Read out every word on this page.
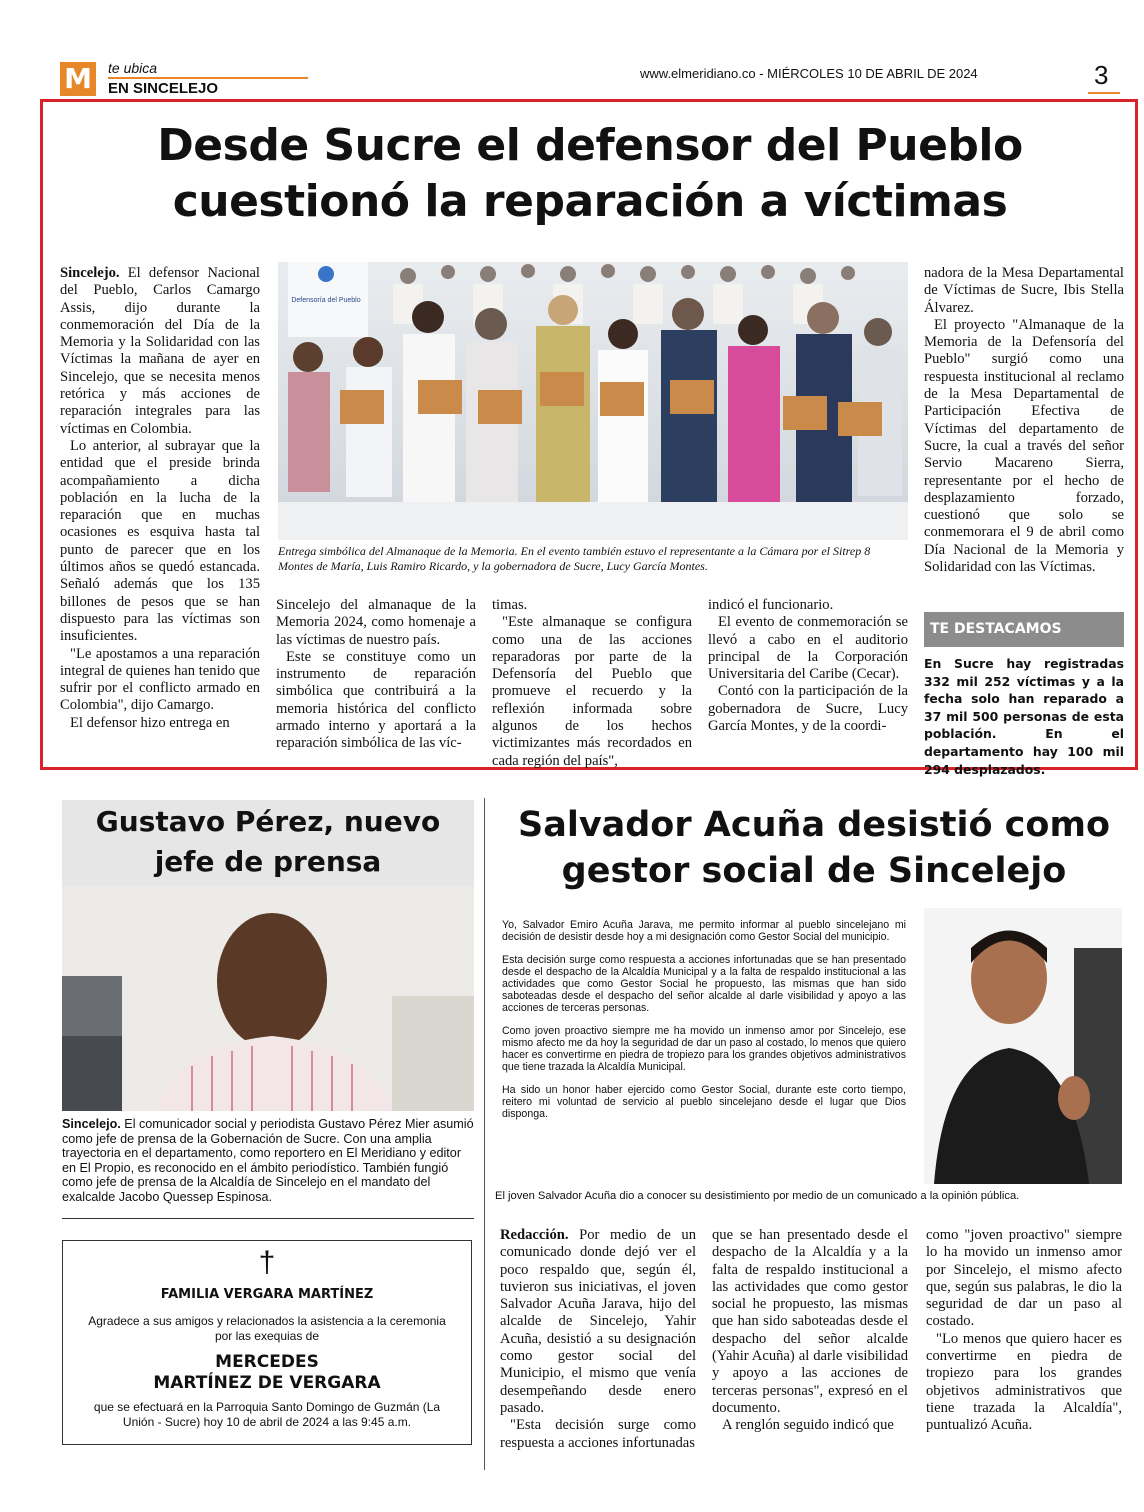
M te ubica
EN SINCELEJO
www.elmeridiano.co - MIÉRCOLES 10 DE ABRIL DE 2024	3
Desde Sucre el defensor del Pueblo cuestionó la reparación a víctimas

Sincelejo. El defensor Nacional del Pueblo, Carlos Camargo Assis, dijo durante la conmemoración del Día de la Memoria y la Solidaridad con las Víctimas la mañana de ayer en Sincelejo, que se necesita menos retórica y más acciones de reparación integrales para las víctimas en Colombia.

Lo anterior, al subrayar que la entidad que el preside brinda acompañamiento a dicha población en la lucha de la reparación que en muchas ocasiones es esquiva hasta tal punto de parecer que en los últimos años se quedó estancada. Señaló además que los 135 billones de pesos que se han dispuesto para las víctimas son insuficientes.

"Le apostamos a una reparación integral de quienes han tenido que sufrir por el conflicto armado en Colombia", dijo Camargo.

El defensor hizo entrega en

Defensoría del Pueblo
Entrega simbólica del Almanaque de la Memoria. En el evento también estuvo el representante a la Cámara por el Sitrep 8 Montes de María, Luis Ramiro Ricardo, y la gobernadora de Sucre, Lucy García Montes.

Sincelejo del almanaque de la Memoria 2024, como homenaje a las víctimas de nuestro país.

Este se constituye como un instrumento de reparación simbólica que contribuirá a la memoria histórica del conflicto armado interno y aportará a la reparación simbólica de las víc-

timas.

"Este almanaque se configura como una de las acciones reparadoras por parte de la Defensoría del Pueblo que promueve el recuerdo y la reflexión informada sobre algunos de los hechos victimizantes más recordados en cada región del país",

indicó el funcionario.

El evento de conmemoración se llevó a cabo en el auditorio principal de la Corporación Universitaria del Caribe (Cecar).

Contó con la participación de la gobernadora de Sucre, Lucy García Montes, y de la coordi-

nadora de la Mesa Departamental de Víctimas de Sucre, Ibis Stella Álvarez.

El proyecto "Almanaque de la Memoria de la Defensoría del Pueblo" surgió como una respuesta institucional al reclamo de la Mesa Departamental de Participación Efectiva de Víctimas del departamento de Sucre, la cual a través del señor Servio Macareno Sierra, representante por el hecho de desplazamiento forzado, cuestionó que solo se conmemorara el 9 de abril como Día Nacional de la Memoria y Solidaridad con las Víctimas.

TE DESTACAMOS
En Sucre hay registradas 332 mil 252 víctimas y a la fecha solo han reparado a 37 mil 500 personas de esta población. En el departamento hay 100 mil 294 desplazados.
Gustavo Pérez, nuevo jefe de prensa
Sincelejo. El comunicador social y periodista Gustavo Pérez Mier asumió como jefe de prensa de la Gobernación de Sucre. Con una amplia trayectoria en el departamento, como reportero en El Meridiano y editor en El Propio, es reconocido en el ámbito periodístico. También fungió como jefe de prensa de la Alcaldía de Sincelejo en el mandato del exalcalde Jacobo Quessep Espinosa.
†
FAMILIA VERGARA MARTÍNEZ
Agradece a sus amigos y relacionados la asistencia a la ceremonia por las exequias de
MERCEDES
MARTÍNEZ DE VERGARA
que se efectuará en la Parroquia Santo Domingo de Guzmán (La Unión - Sucre) hoy 10 de abril de 2024 a las 9:45 a.m.
Salvador Acuña desistió como gestor social de Sincelejo

Yo, Salvador Emiro Acuña Jarava, me permito informar al pueblo sincelejano mi decisión de desistir desde hoy a mi designación como Gestor Social del municipio.

Esta decisión surge como respuesta a acciones infortunadas que se han presentado desde el despacho de la Alcaldía Municipal y a la falta de respaldo institucional a las actividades que como Gestor Social he propuesto, las mismas que han sido saboteadas desde el despacho del señor alcalde al darle visibilidad y apoyo a las acciones de terceras personas.

Como joven proactivo siempre me ha movido un inmenso amor por Sincelejo, ese mismo afecto me da hoy la seguridad de dar un paso al costado, lo menos que quiero hacer es convertirme en piedra de tropiezo para los grandes objetivos administrativos que tiene trazada la Alcaldía Municipal.

Ha sido un honor haber ejercido como Gestor Social, durante este corto tiempo, reitero mi voluntad de servicio al pueblo sincelejano desde el lugar que Dios disponga.

El joven Salvador Acuña dio a conocer su desistimiento por medio de un comunicado a la opinión pública.

Redacción. Por medio de un comunicado donde dejó ver el poco respaldo que, según él, tuvieron sus iniciativas, el joven Salvador Acuña Jarava, hijo del alcalde de Sincelejo, Yahir Acuña, desistió a su designación como gestor social del Municipio, el mismo que venía desempeñando desde enero pasado.

"Esta decisión surge como respuesta a acciones infortunadas

que se han presentado desde el despacho de la Alcaldía y a la falta de respaldo institucional a las actividades que como gestor social he propuesto, las mismas que han sido saboteadas desde el despacho del señor alcalde (Yahir Acuña) al darle visibilidad y apoyo a las acciones de terceras personas", expresó en el documento.

A renglón seguido indicó que

como "joven proactivo" siempre lo ha movido un inmenso amor por Sincelejo, el mismo afecto que, según sus palabras, le dio la seguridad de dar un paso al costado.

"Lo menos que quiero hacer es convertirme en piedra de tropiezo para los grandes objetivos administrativos que tiene trazada la Alcaldía", puntualizó Acuña.
